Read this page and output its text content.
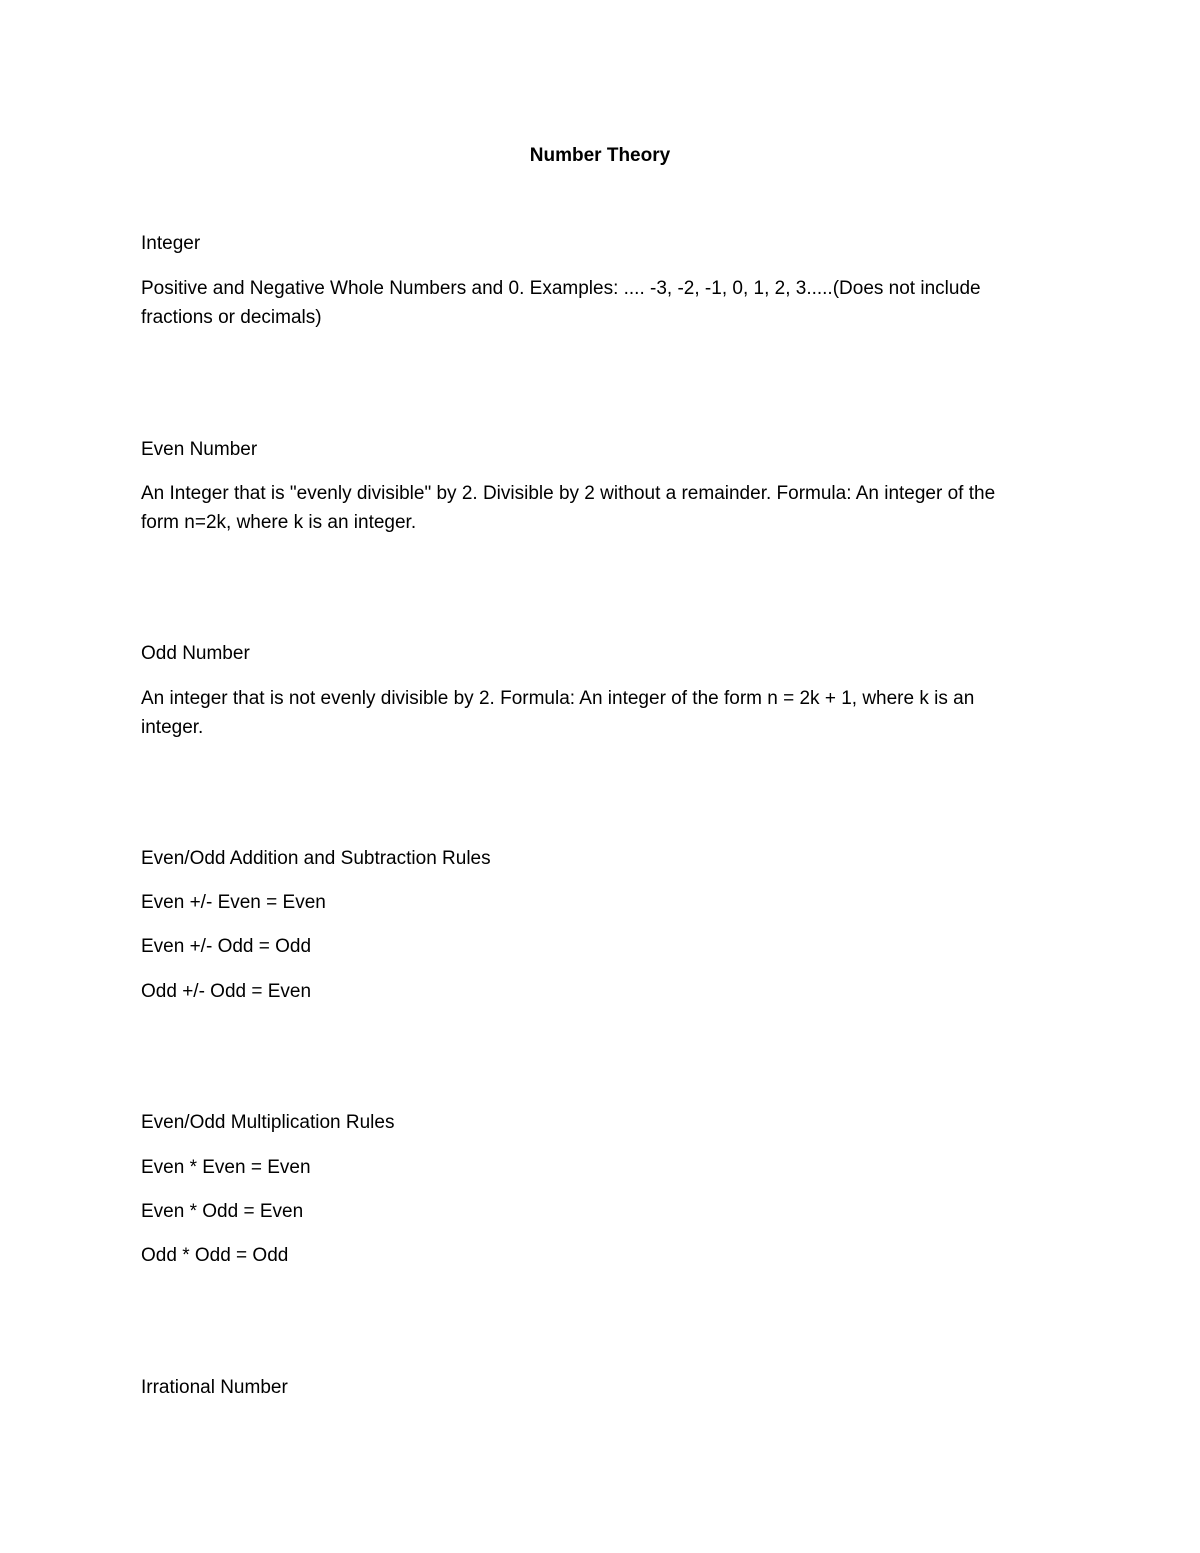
Number Theory
Integer
Positive and Negative Whole Numbers and 0. Examples: .... -3, -2, -1, 0, 1, 2, 3.....(Does not include
fractions or decimals)
Even Number
An Integer that is "evenly divisible" by 2. Divisible by 2 without a remainder. Formula: An integer of the
form n=2k, where k is an integer.
Odd Number
An integer that is not evenly divisible by 2. Formula: An integer of the form n = 2k + 1, where k is an
integer.
Even/Odd Addition and Subtraction Rules
Even +/- Even = Even
Even +/- Odd = Odd
Odd +/- Odd = Even
Even/Odd Multiplication Rules
Even * Even = Even
Even * Odd = Even
Odd * Odd = Odd
Irrational Number
